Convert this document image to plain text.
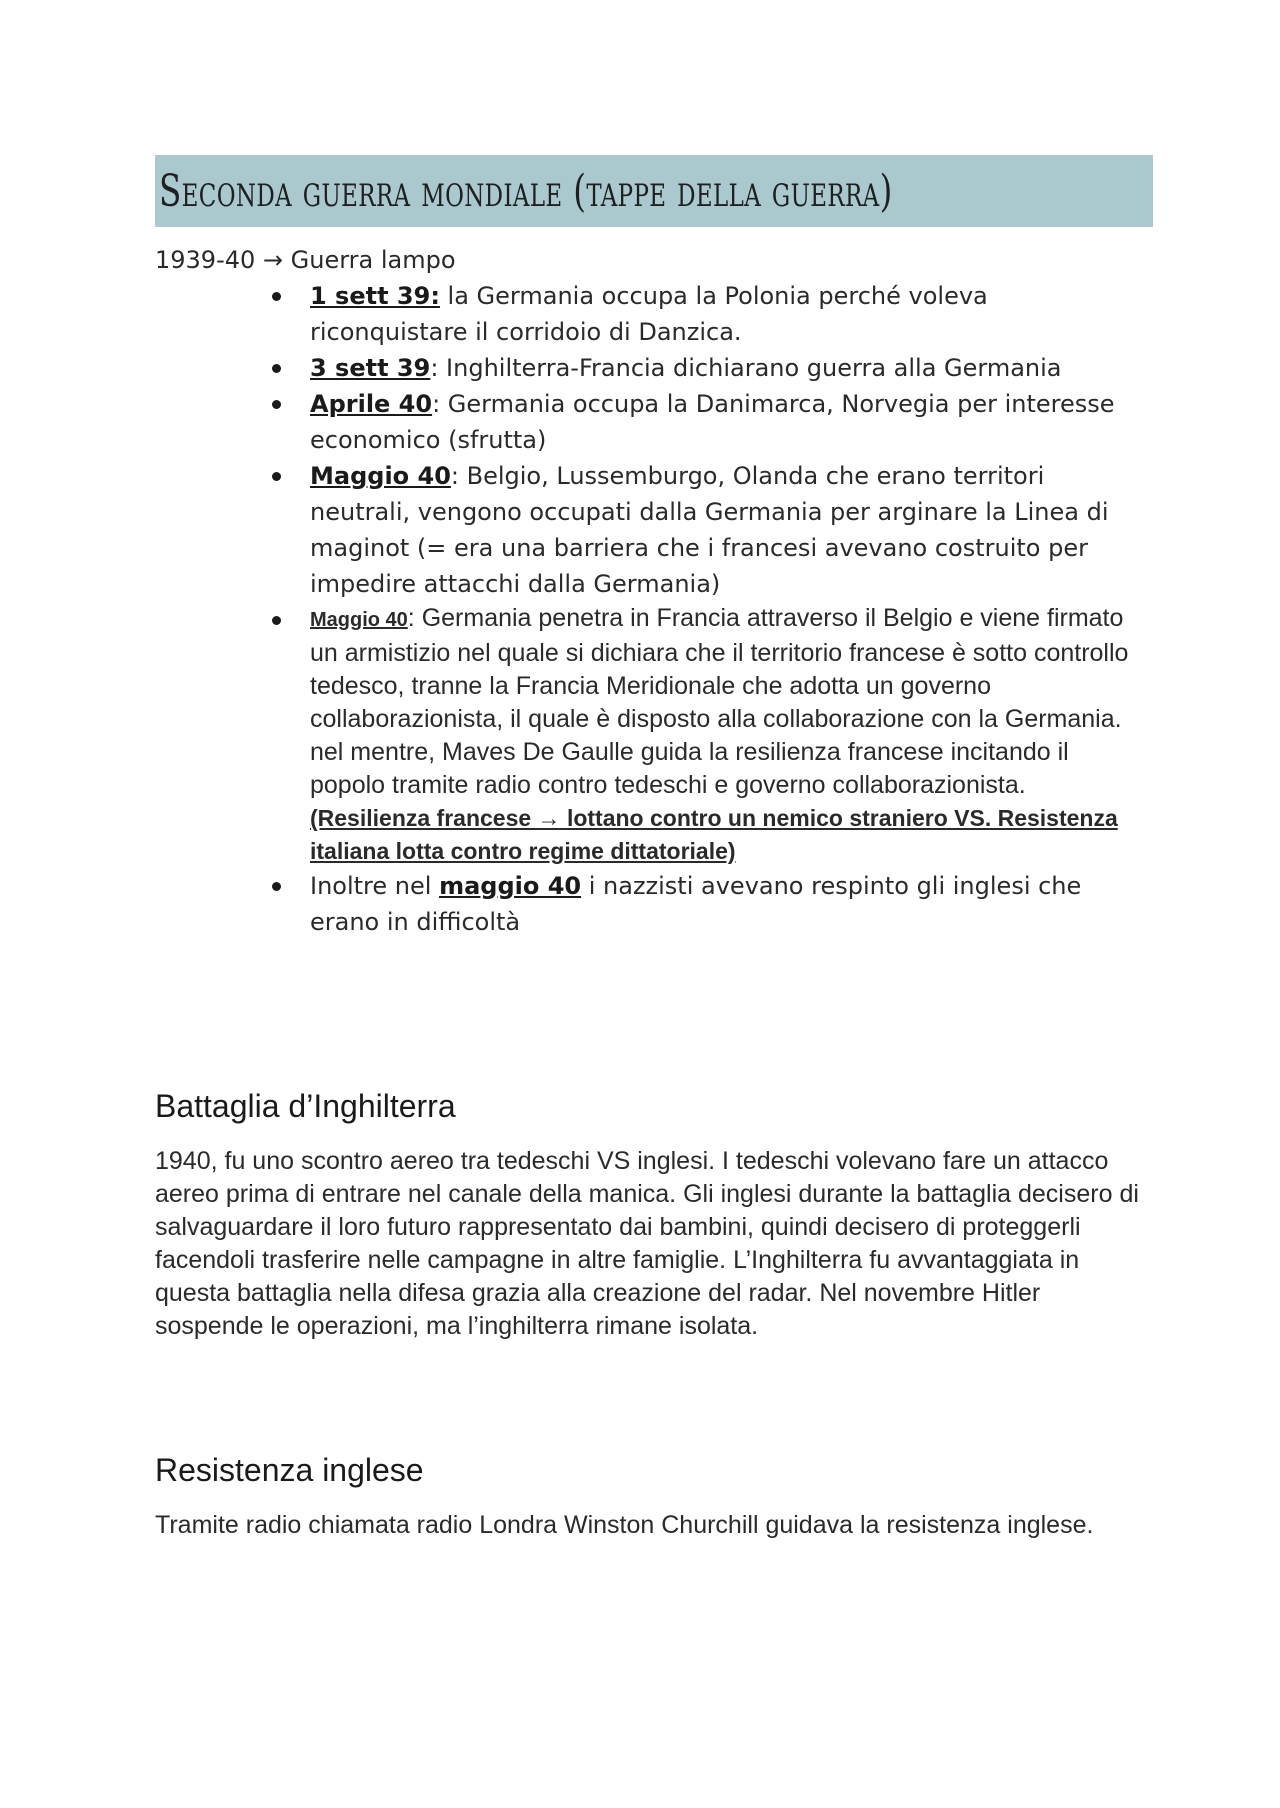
Seconda guerra mondiale (tappe della guerra)
1939-40 → Guerra lampo
1 sett 39: la Germania occupa la Polonia perché voleva riconquistare il corridoio di Danzica.
3 sett 39: Inghilterra-Francia dichiarano guerra alla Germania
Aprile 40: Germania occupa la Danimarca, Norvegia per interesse economico (sfrutta)
Maggio 40: Belgio, Lussemburgo, Olanda che erano territori neutrali, vengono occupati dalla Germania per arginare la Linea di maginot (= era una barriera che i francesi avevano costruito per impedire attacchi dalla Germania)
Maggio 40: Germania penetra in Francia attraverso il Belgio e viene firmato un armistizio nel quale si dichiara che il territorio francese è sotto controllo tedesco, tranne la Francia Meridionale che adotta un governo collaborazionista, il quale è disposto alla collaborazione con la Germania. nel mentre, Maves De Gaulle guida la resilienza francese incitando il popolo tramite radio contro tedeschi e governo collaborazionista. (Resilienza francese → lottano contro un nemico straniero VS. Resistenza italiana lotta contro regime dittatoriale)
Inoltre nel maggio 40 i nazzisti avevano respinto gli inglesi che erano in difficoltà
Battaglia d’Inghilterra

1940, fu uno scontro aereo tra tedeschi VS inglesi. I tedeschi volevano fare un attacco aereo prima di entrare nel canale della manica. Gli inglesi durante la battaglia decisero di salvaguardare il loro futuro rappresentato dai bambini, quindi decisero di proteggerli facendoli trasferire nelle campagne in altre famiglie. L’Inghilterra fu avvantaggiata in questa battaglia nella difesa grazia alla creazione del radar. Nel novembre Hitler sospende le operazioni, ma l’inghilterra rimane isolata.

Resistenza inglese

Tramite radio chiamata radio Londra Winston Churchill guidava la resistenza inglese.
